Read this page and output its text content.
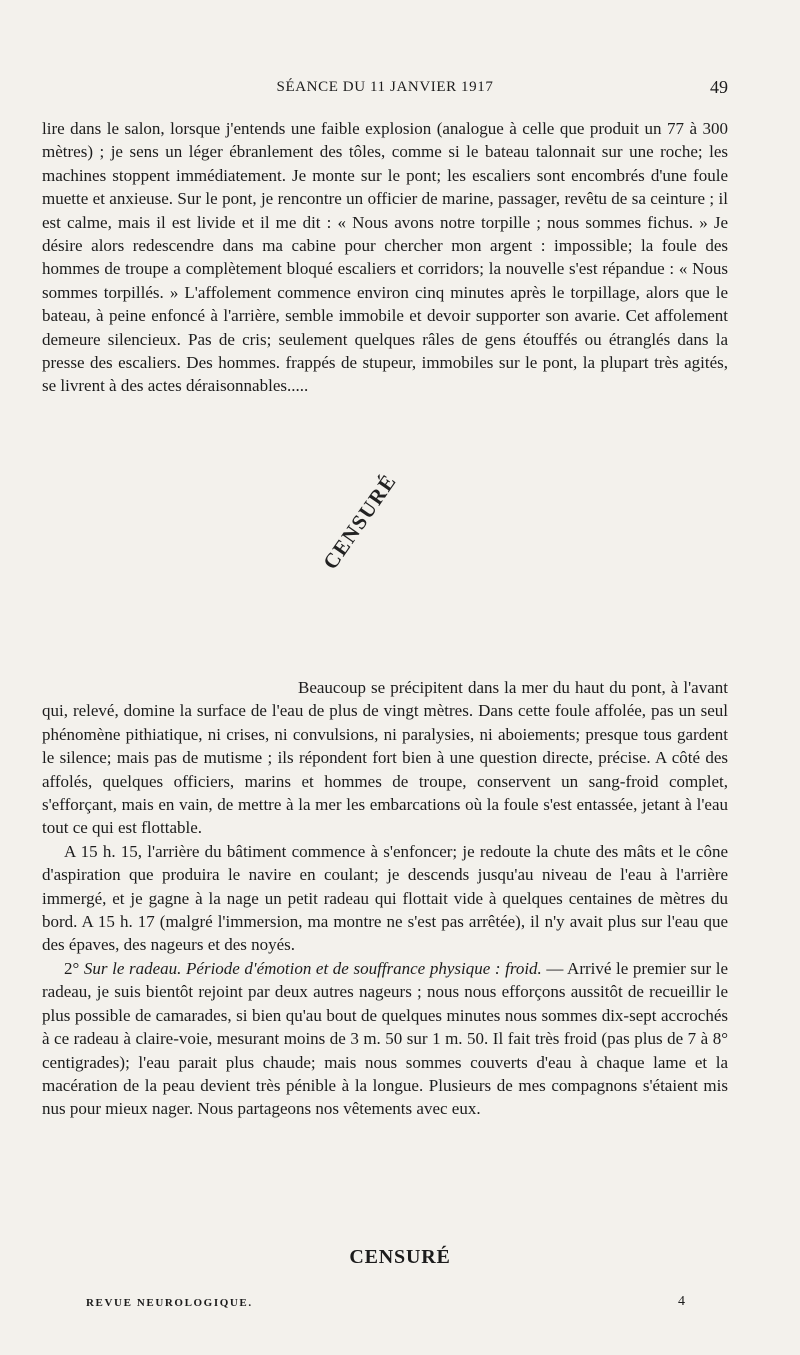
SÉANCE DU 11 JANVIER 1917	49

lire dans le salon, lorsque j'entends une faible explosion (analogue à celle que produit un 77 à 300 mètres) ; je sens un léger ébranlement des tôles, comme si le bateau talonnait sur une roche; les machines stoppent immédiatement. Je monte sur le pont; les escaliers sont encombrés d'une foule muette et anxieuse. Sur le pont, je rencontre un officier de marine, passager, revêtu de sa ceinture ; il est calme, mais il est livide et il me dit : « Nous avons notre torpille ; nous sommes fichus. » Je désire alors redescendre dans ma cabine pour chercher mon argent : impossible; la foule des hommes de troupe a complètement bloqué escaliers et corridors; la nouvelle s'est répandue : « Nous sommes torpillés. » L'affolement commence environ cinq minutes après le torpillage, alors que le bateau, à peine enfoncé à l'arrière, semble immobile et devoir supporter son avarie. Cet affolement demeure silencieux. Pas de cris; seulement quelques râles de gens étouffés ou étranglés dans la presse des escaliers. Des hommes. frappés de stupeur, immobiles sur le pont, la plupart très agités, se livrent à des actes déraisonnables.....

CENSURÉ

Beaucoup se précipitent dans la mer du haut du pont, à l'avant qui, relevé, domine la surface de l'eau de plus de vingt mètres. Dans cette foule affolée, pas un seul phénomène pithiatique, ni crises, ni convulsions, ni paralysies, ni aboiements; presque tous gardent le silence; mais pas de mutisme ; ils répondent fort bien à une question directe, précise. A côté des affolés, quelques officiers, marins et hommes de troupe, conservent un sang-froid complet, s'efforçant, mais en vain, de mettre à la mer les embarcations où la foule s'est entassée, jetant à l'eau tout ce qui est flottable.

A 15 h. 15, l'arrière du bâtiment commence à s'enfoncer; je redoute la chute des mâts et le cône d'aspiration que produira le navire en coulant; je descends jusqu'au niveau de l'eau à l'arrière immergé, et je gagne à la nage un petit radeau qui flottait vide à quelques centaines de mètres du bord. A 15 h. 17 (malgré l'immersion, ma montre ne s'est pas arrêtée), il n'y avait plus sur l'eau que des épaves, des nageurs et des noyés.

2° Sur le radeau. Période d'émotion et de souffrance physique : froid. — Arrivé le premier sur le radeau, je suis bientôt rejoint par deux autres nageurs ; nous nous efforçons aussitôt de recueillir le plus possible de camarades, si bien qu'au bout de quelques minutes nous sommes dix-sept accrochés à ce radeau à claire-voie, mesurant moins de 3 m. 50 sur 1 m. 50. Il fait très froid (pas plus de 7 à 8° centigrades); l'eau parait plus chaude; mais nous sommes couverts d'eau à chaque lame et la macération de la peau devient très pénible à la longue. Plusieurs de mes compagnons s'étaient mis nus pour mieux nager. Nous partageons nos vêtements avec eux.

CENSURÉ
REVUE NEUROLOGIQUE.	4
